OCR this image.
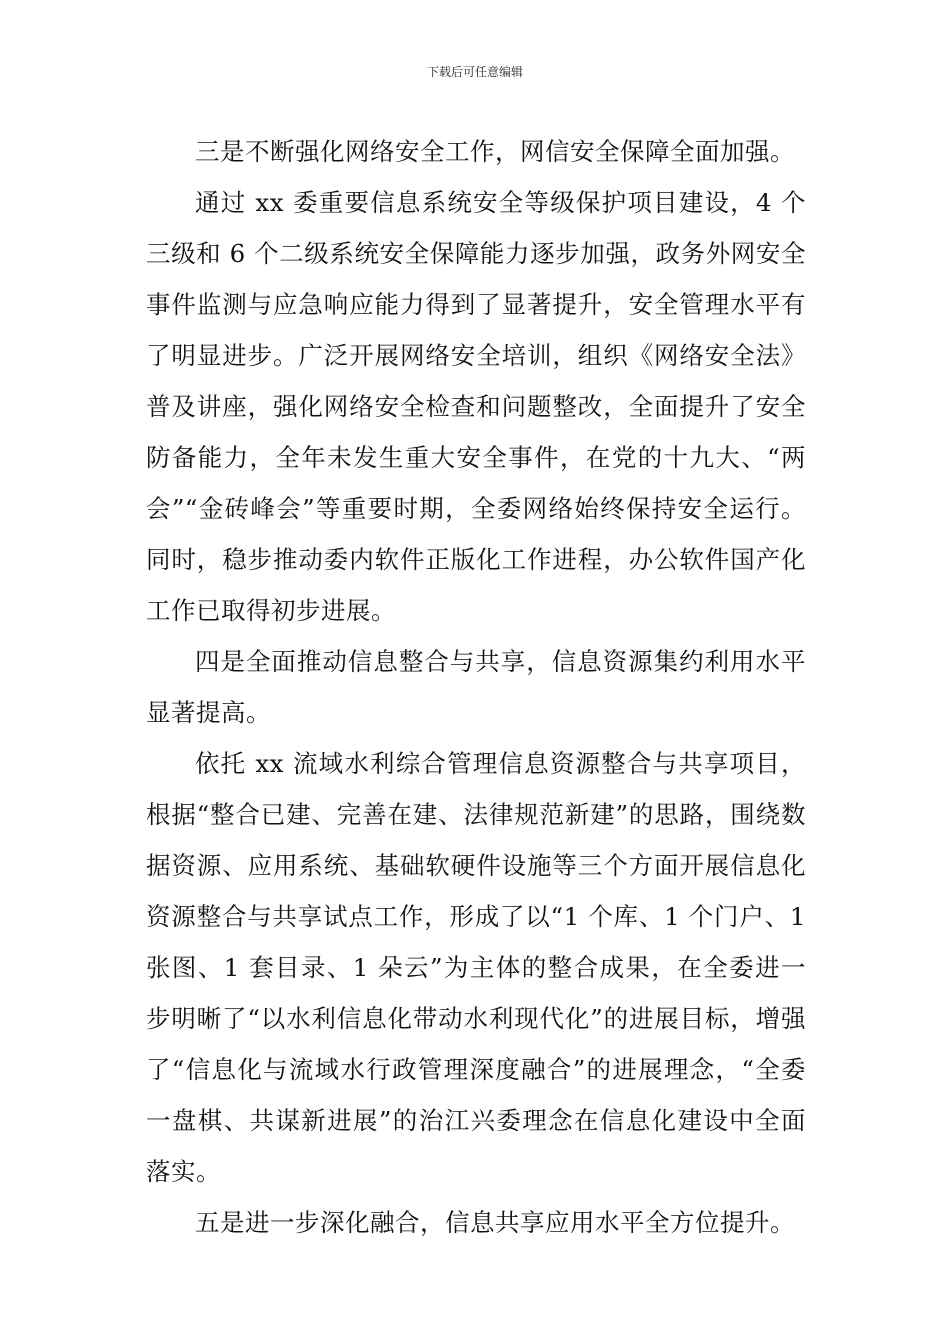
下载后可任意编辑

三是不断强化网络安全工作，网信安全保障全面加强。

通过 xx 委重要信息系统安全等级保护项目建设，4 个三级和 6 个二级系统安全保障能力逐步加强，政务外网安全事件监测与应急响应能力得到了显著提升，安全管理水平有了明显进步。广泛开展网络安全培训，组织《网络安全法》普及讲座，强化网络安全检查和问题整改，全面提升了安全防备能力，全年未发生重大安全事件，在党的十九大、“两会”“金砖峰会”等重要时期，全委网络始终保持安全运行。同时，稳步推动委内软件正版化工作进程，办公软件国产化工作已取得初步进展。

四是全面推动信息整合与共享，信息资源集约利用水平显著提高。

依托 xx 流域水利综合管理信息资源整合与共享项目，根据“整合已建、完善在建、法律规范新建”的思路，围绕数据资源、应用系统、基础软硬件设施等三个方面开展信息化资源整合与共享试点工作，形成了以“1 个库、1 个门户、1 张图、1 套目录、1 朵云”为主体的整合成果，在全委进一步明晰了“以水利信息化带动水利现代化”的进展目标，增强了“信息化与流域水行政管理深度融合”的进展理念，“全委一盘棋、共谋新进展”的治江兴委理念在信息化建设中全面落实。

五是进一步深化融合，信息共享应用水平全方位提升。
